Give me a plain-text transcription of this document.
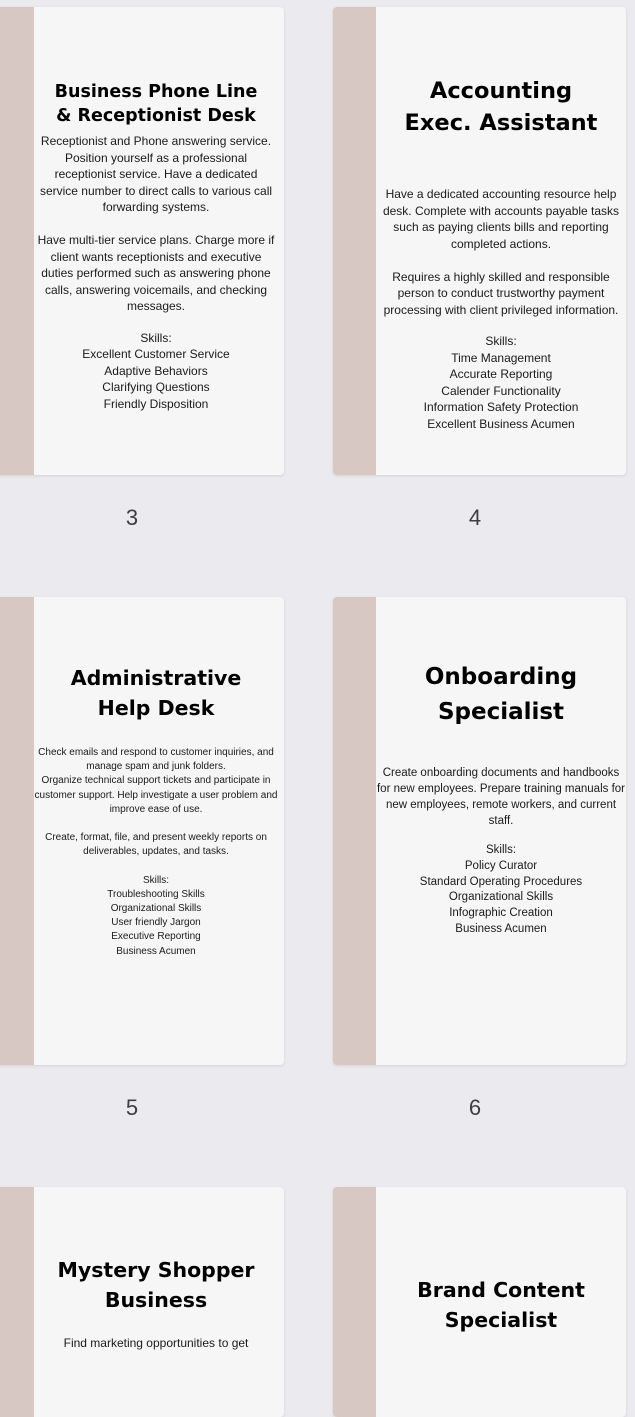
Business Phone Line
& Receptionist Desk

Receptionist and Phone answering service.
Position yourself as a professional receptionist service. Have a dedicated service number to direct calls to various call forwarding systems.

Have multi-tier service plans. Charge more if client wants receptionists and executive duties performed such as answering phone calls, answering voicemails, and checking messages.

Skills:
Excellent Customer Service
Adaptive Behaviors
Clarifying Questions
Friendly Disposition

3

Accounting
Exec. Assistant

Have a dedicated accounting resource help desk. Complete with accounts payable tasks such as paying clients bills and reporting completed actions.

Requires a highly skilled and responsible person to conduct trustworthy payment processing with client privileged information.

Skills:
Time Management
Accurate Reporting
Calender Functionality
Information Safety Protection
Excellent Business Acumen

4

Administrative
Help Desk

Check emails and respond to customer inquiries, and manage spam and junk folders.
Organize technical support tickets and participate in customer support. Help investigate a user problem and improve ease of use.

Create, format, file, and present weekly reports on deliverables, updates, and tasks.

Skills:
Troubleshooting Skills
Organizational Skills
User friendly Jargon
Executive Reporting
Business Acumen

5

Onboarding
Specialist

Create onboarding documents and handbooks for new employees. Prepare training manuals for new employees, remote workers, and current staff.

Skills:
Policy Curator
Standard Operating Procedures
Organizational Skills
Infographic Creation
Business Acumen

6

Mystery Shopper
Business

Find marketing opportunities to get

Brand Content
Specialist
